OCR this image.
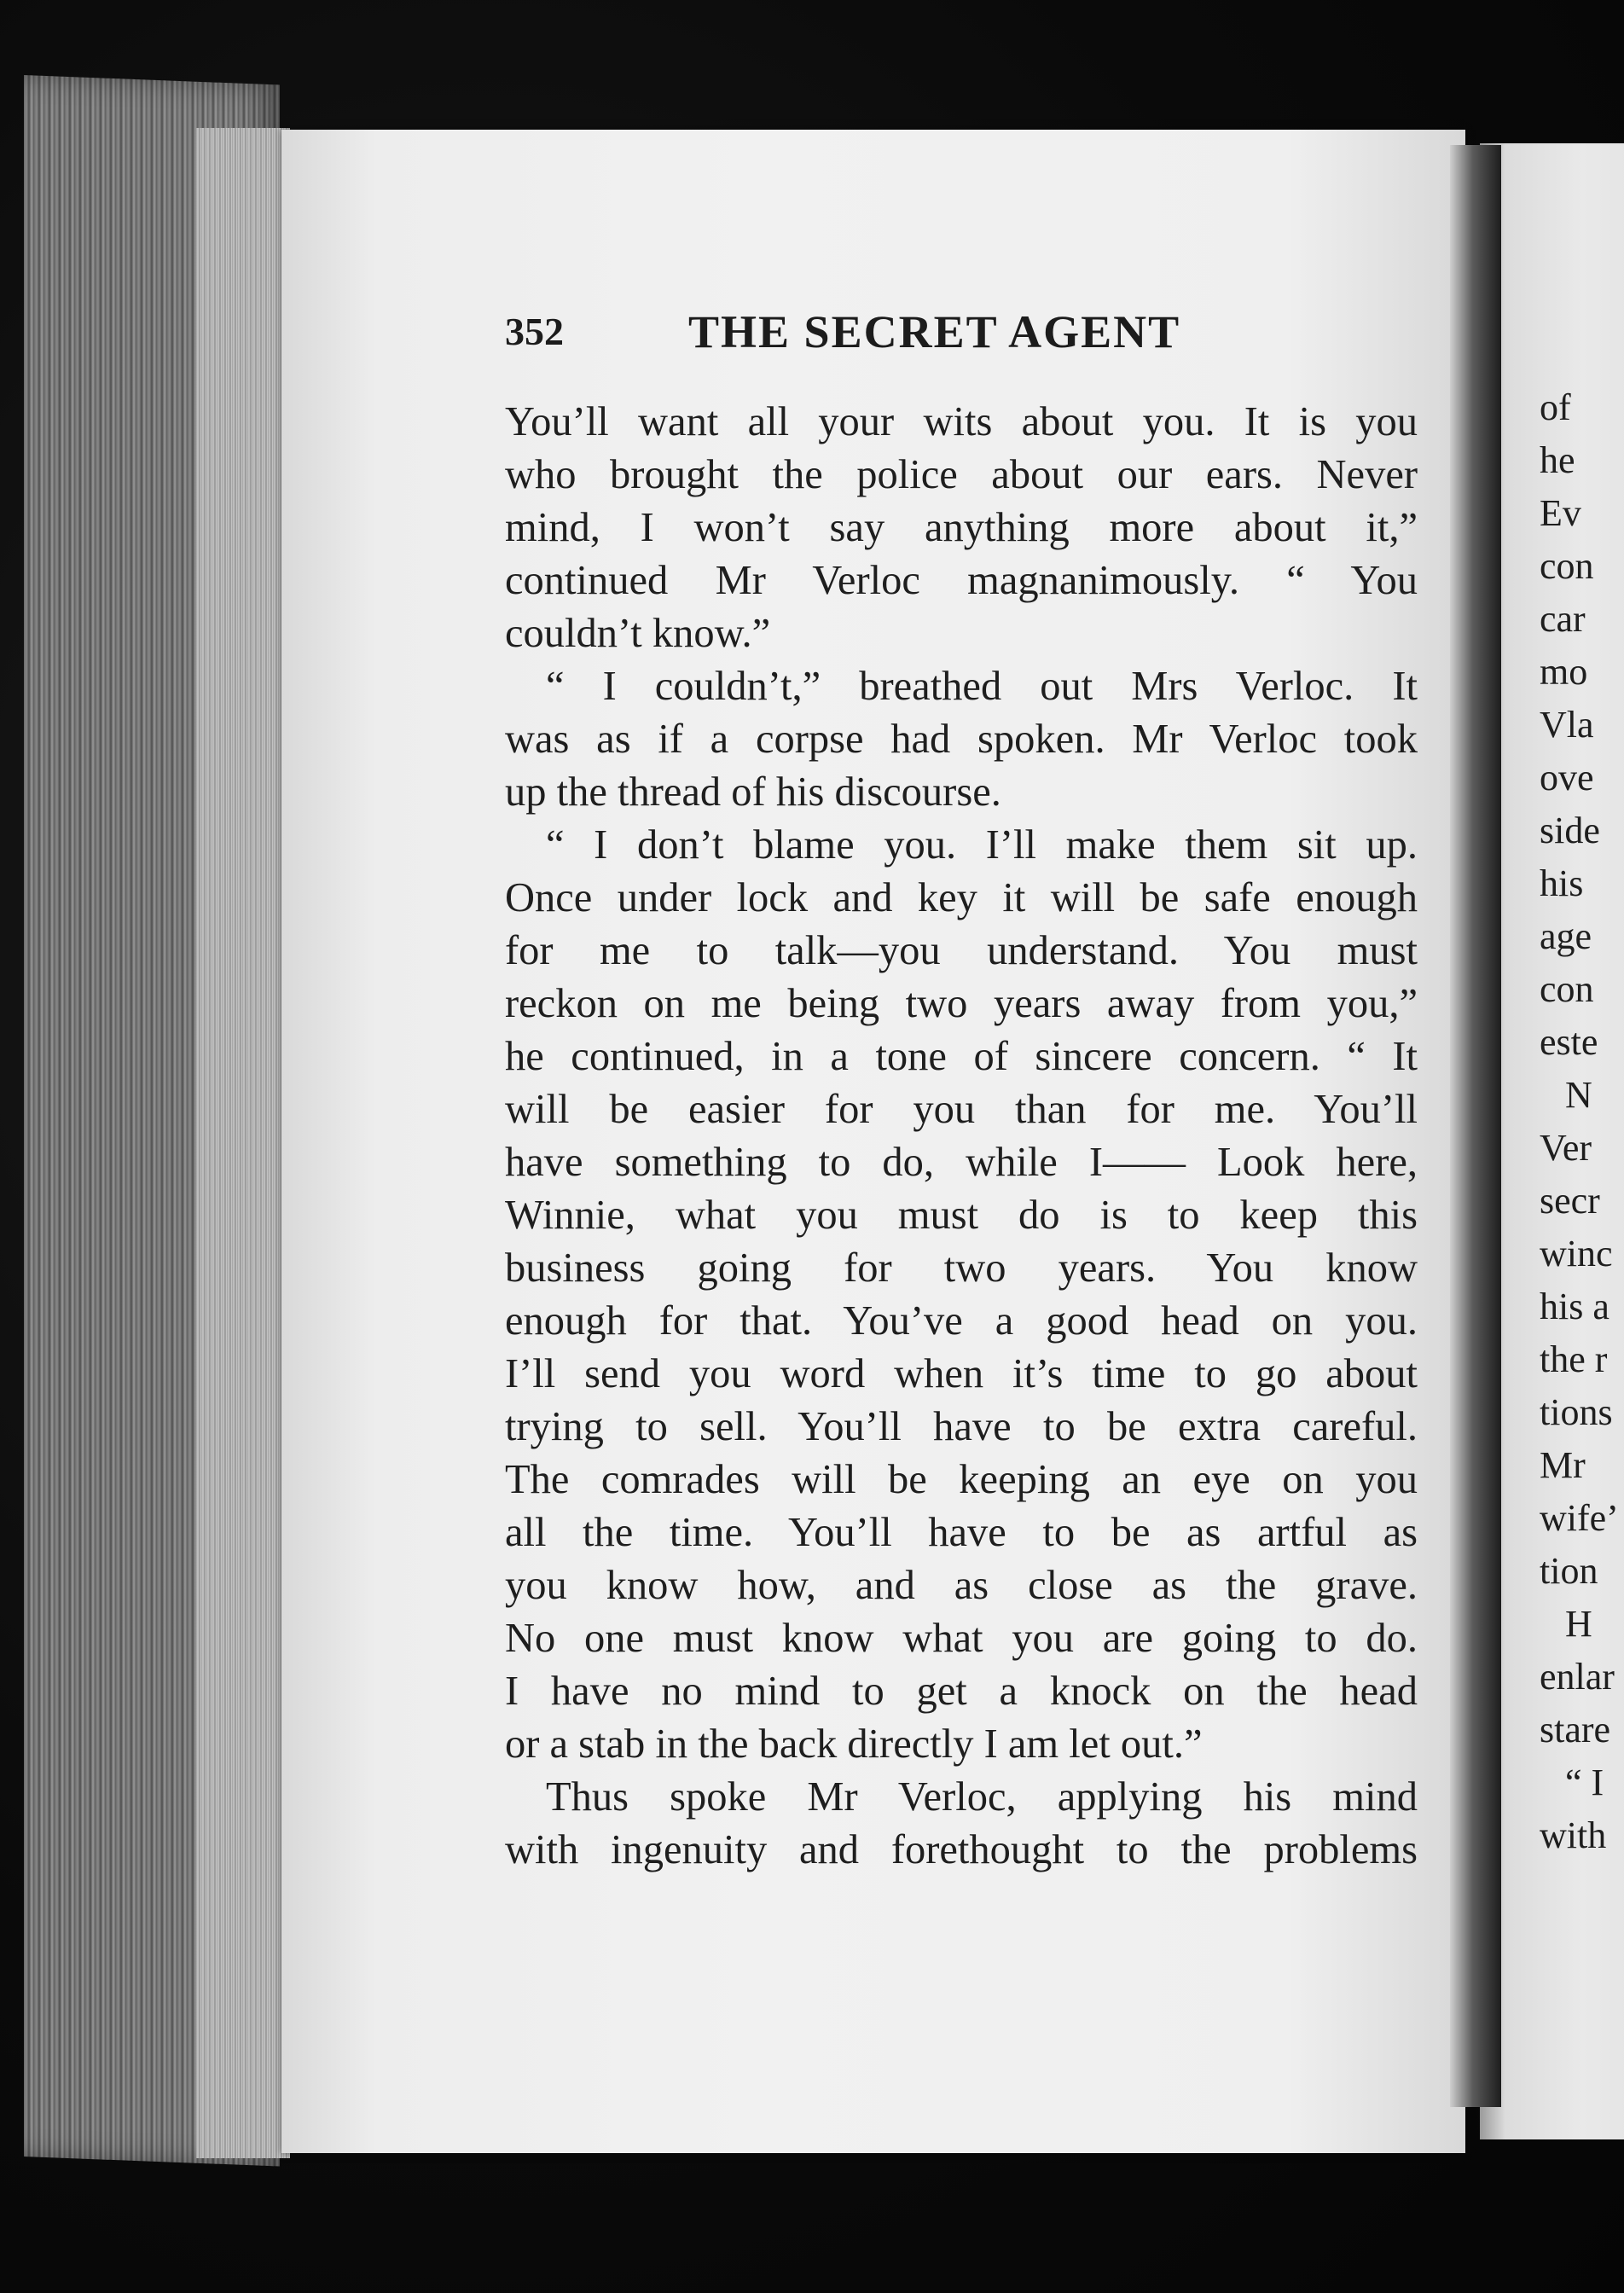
352	THE SECRET AGENT
You’ll want all your wits about you. It is you
who brought the police about our ears. Never
mind, I won’t say anything more about it,”
continued Mr Verloc magnanimously. “ You
couldn’t know.”
“ I couldn’t,” breathed out Mrs Verloc. It
was as if a corpse had spoken. Mr Verloc took
up the thread of his discourse.
“ I don’t blame you. I’ll make them sit up.
Once under lock and key it will be safe enough
for me to talk—you understand. You must
reckon on me being two years away from you,”
he continued, in a tone of sincere concern. “ It
will be easier for you than for me. You’ll
have something to do, while I—— Look here,
Winnie, what you must do is to keep this
business going for two years. You know
enough for that. You’ve a good head on you.
I’ll send you word when it’s time to go about
trying to sell. You’ll have to be extra careful.
The comrades will be keeping an eye on you
all the time. You’ll have to be as artful as
you know how, and as close as the grave.
No one must know what you are going to do.
I have no mind to get a knock on the head
or a stab in the back directly I am let out.”
Thus spoke Mr Verloc, applying his mind
with ingenuity and forethought to the problems
of
he
Ev
con
car
mo
Vla
ove
side
his
age
con
este
N
Ver
secr
winc
his a
the r
tions
Mr
wife’
tion
H
enlar
stare
“ I
with
